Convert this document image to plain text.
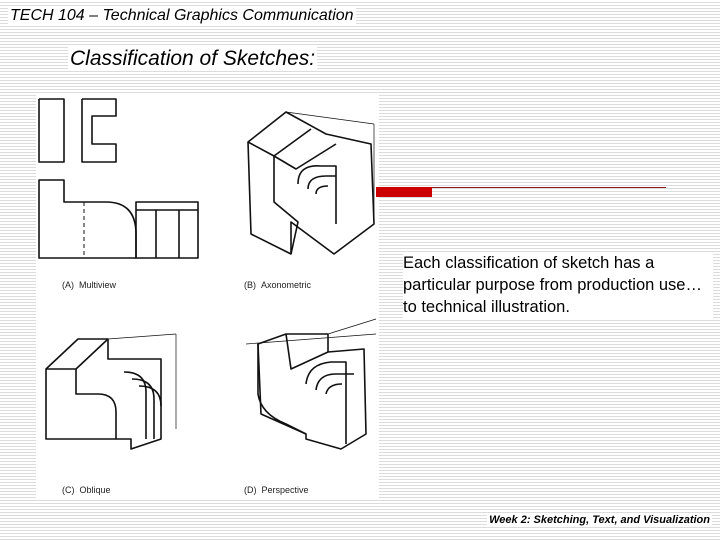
TECH 104 – Technical Graphics Communication
Classification of Sketches:
(A) Multiview	(B) Axonometric
(C) Oblique	(D) Perspective
Each classification of sketch has a particular purpose from production use…to technical illustration.
Week 2: Sketching, Text, and Visualization
